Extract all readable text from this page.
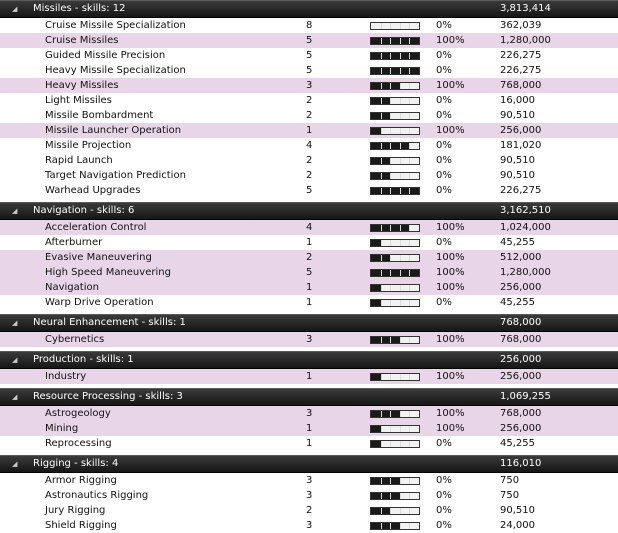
◢ Missiles - skills: 12	3,813,414
Cruise Missile Specialization	8	0%	362,039
Cruise Missiles	5	100%	1,280,000
Guided Missile Precision	5	0%	226,275
Heavy Missile Specialization	5	0%	226,275
Heavy Missiles	3	100%	768,000
Light Missiles	2	0%	16,000
Missile Bombardment	2	0%	90,510
Missile Launcher Operation	1	100%	256,000
Missile Projection	4	0%	181,020
Rapid Launch	2	0%	90,510
Target Navigation Prediction	2	0%	90,510
Warhead Upgrades	5	0%	226,275
◢ Navigation - skills: 6	3,162,510
Acceleration Control	4	100%	1,024,000
Afterburner	1	0%	45,255
Evasive Maneuvering	2	100%	512,000
High Speed Maneuvering	5	100%	1,280,000
Navigation	1	100%	256,000
Warp Drive Operation	1	0%	45,255
◢ Neural Enhancement - skills: 1	768,000
Cybernetics	3	100%	768,000
◢ Production - skills: 1	256,000
Industry	1	100%	256,000
◢ Resource Processing - skills: 3	1,069,255
Astrogeology	3	100%	768,000
Mining	1	100%	256,000
Reprocessing	1	0%	45,255
◢ Rigging - skills: 4	116,010
Armor Rigging	3	0%	750
Astronautics Rigging	3	0%	750
Jury Rigging	2	0%	90,510
Shield Rigging	3	0%	24,000
